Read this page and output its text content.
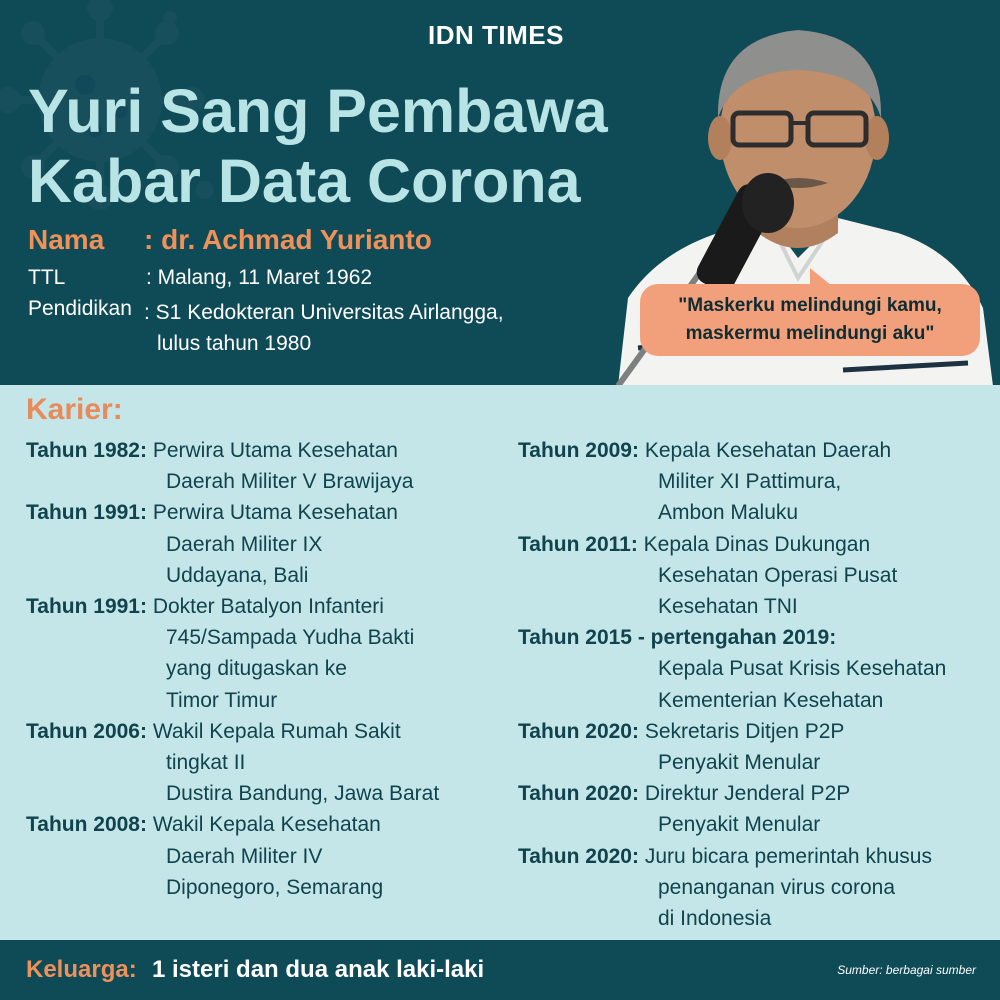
IDN TIMES
Yuri Sang Pembawa
Kabar Data Corona
Nama : dr. Achmad Yurianto
TTL	: Malang, 11 Maret 1962
Pendidikan : S1 Kedokteran Universitas Airlangga,
lulus tahun 1980
"Maskerku melindungi kamu,
maskermu melindungi aku"
Karier:
Tahun 1982: Perwira Utama Kesehatan
Daerah Militer V Brawijaya
Tahun 1991: Perwira Utama Kesehatan
Daerah Militer IX
Uddayana, Bali
Tahun 1991: Dokter Batalyon Infanteri
745/Sampada Yudha Bakti
yang ditugaskan ke
Timor Timur
Tahun 2006: Wakil Kepala Rumah Sakit
tingkat II
Dustira Bandung, Jawa Barat
Tahun 2008: Wakil Kepala Kesehatan
Daerah Militer IV
Diponegoro, Semarang
Tahun 2009: Kepala Kesehatan Daerah
Militer XI Pattimura,
Ambon Maluku
Tahun 2011: Kepala Dinas Dukungan
Kesehatan Operasi Pusat
Kesehatan TNI
Tahun 2015 - pertengahan 2019:
Kepala Pusat Krisis Kesehatan
Kementerian Kesehatan
Tahun 2020: Sekretaris Ditjen P2P
Penyakit Menular
Tahun 2020: Direktur Jenderal P2P
Penyakit Menular
Tahun 2020: Juru bicara pemerintah khusus
penanganan virus corona
di Indonesia
Keluarga: 1 isteri dan dua anak laki-laki	Sumber: berbagai sumber
